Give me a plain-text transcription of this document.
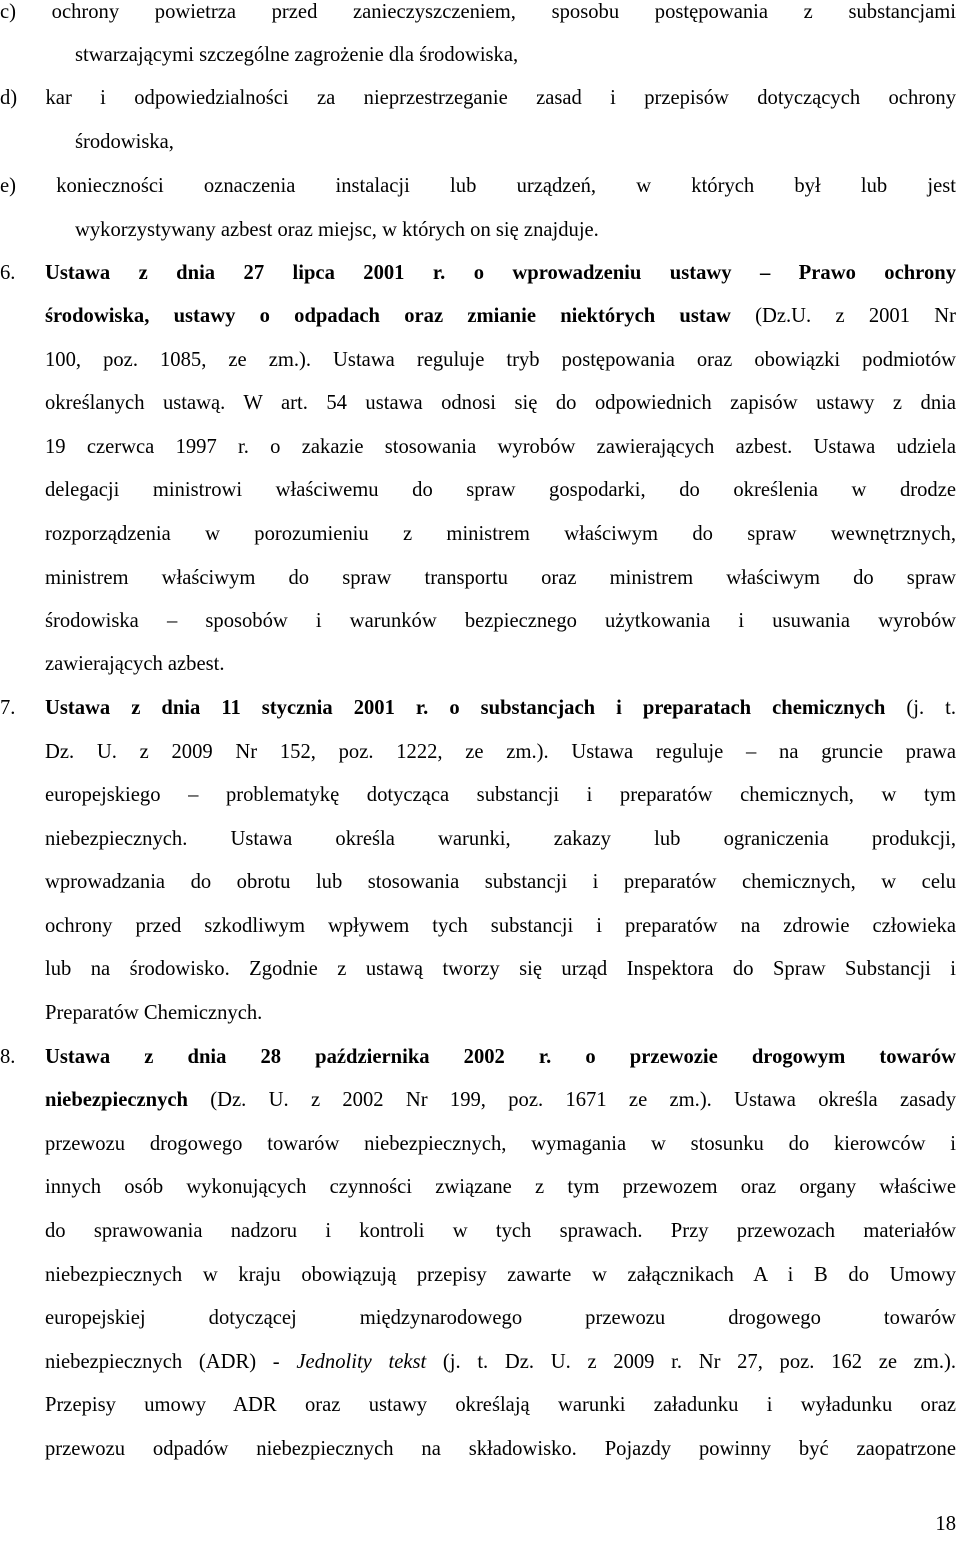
c) ochrony powietrza przed zanieczyszczeniem, sposobu postępowania z substancjami
stwarzającymi szczególne zagrożenie dla środowiska,
d) kar i odpowiedzialności za nieprzestrzeganie zasad i przepisów dotyczących ochrony
środowiska,
e) konieczności oznaczenia instalacji lub urządzeń, w których był lub jest
wykorzystywany azbest oraz miejsc, w których on się znajduje.
6.	Ustawa z dnia 27 lipca 2001 r. o wprowadzeniu ustawy – Prawo ochrony
środowiska, ustawy o odpadach oraz zmianie niektórych ustaw (Dz.U. z 2001 Nr
100, poz. 1085, ze zm.). Ustawa reguluje tryb postępowania oraz obowiązki podmiotów
określanych ustawą. W art. 54 ustawa odnosi się do odpowiednich zapisów ustawy z dnia
19 czerwca 1997 r. o zakazie stosowania wyrobów zawierających azbest. Ustawa udziela
delegacji ministrowi właściwemu do spraw gospodarki, do określenia w drodze
rozporządzenia w porozumieniu z ministrem właściwym do spraw wewnętrznych,
ministrem właściwym do spraw transportu oraz ministrem właściwym do spraw
środowiska – sposobów i warunków bezpiecznego użytkowania i usuwania wyrobów
zawierających azbest.
7.	Ustawa z dnia 11 stycznia 2001 r. o substancjach i preparatach chemicznych (j. t.
Dz. U. z 2009 Nr 152, poz. 1222, ze zm.). Ustawa reguluje – na gruncie prawa
europejskiego – problematykę dotycząca substancji i preparatów chemicznych, w tym
niebezpiecznych. Ustawa określa warunki, zakazy lub ograniczenia produkcji,
wprowadzania do obrotu lub stosowania substancji i preparatów chemicznych, w celu
ochrony przed szkodliwym wpływem tych substancji i preparatów na zdrowie człowieka
lub na środowisko. Zgodnie z ustawą tworzy się urząd Inspektora do Spraw Substancji i
Preparatów Chemicznych.
8.	Ustawa z dnia 28 października 2002 r. o przewozie drogowym towarów
niebezpiecznych (Dz. U. z 2002 Nr 199, poz. 1671 ze zm.). Ustawa określa zasady
przewozu drogowego towarów niebezpiecznych, wymagania w stosunku do kierowców i
innych osób wykonujących czynności związane z tym przewozem oraz organy właściwe
do sprawowania nadzoru i kontroli w tych sprawach. Przy przewozach materiałów
niebezpiecznych w kraju obowiązują przepisy zawarte w załącznikach A i B do Umowy
europejskiej dotyczącej międzynarodowego przewozu drogowego towarów
niebezpiecznych (ADR) - Jednolity tekst (j. t. Dz. U. z 2009 r. Nr 27, poz. 162 ze zm.).
Przepisy umowy ADR oraz ustawy określają warunki załadunku i wyładunku oraz
przewozu odpadów niebezpiecznych na składowisko. Pojazdy powinny być zaopatrzone
18
